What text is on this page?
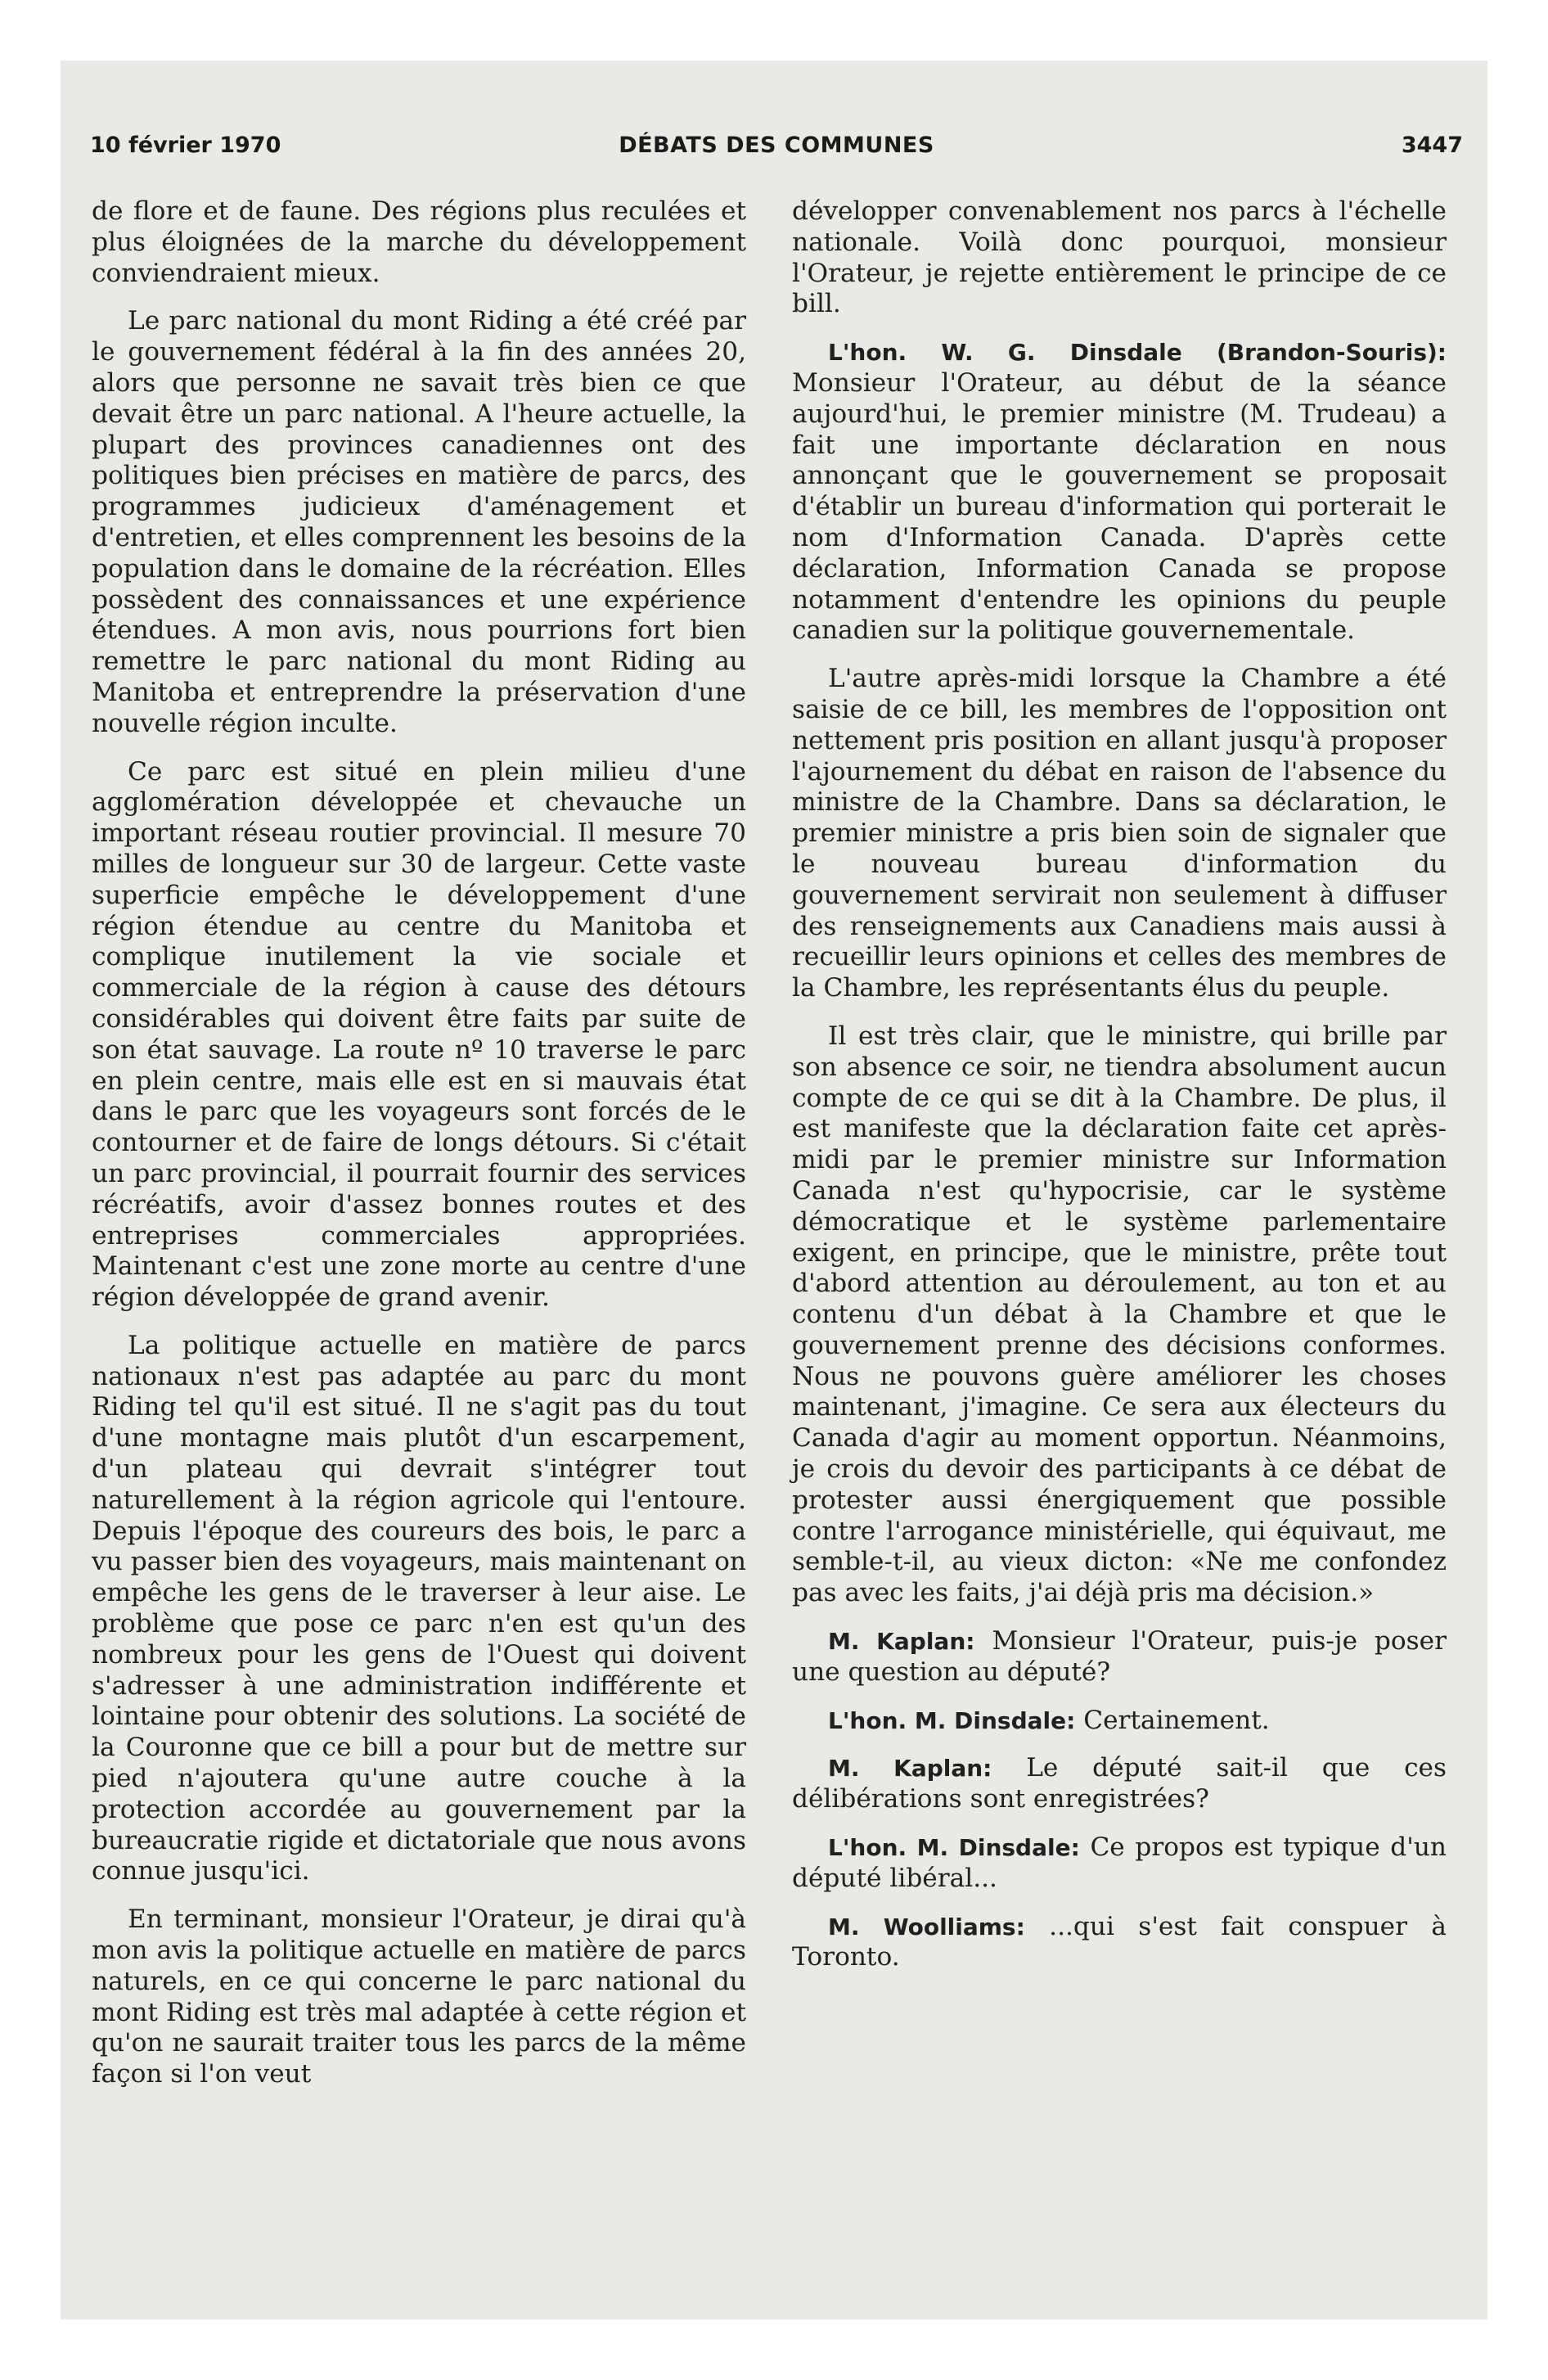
10 février 1970	DÉBATS DES COMMUNES	3447

de flore et de faune. Des régions plus reculées et plus éloignées de la marche du développement conviendraient mieux.

Le parc national du mont Riding a été créé par le gouvernement fédéral à la fin des années 20, alors que personne ne savait très bien ce que devait être un parc national. A l'heure actuelle, la plupart des provinces canadiennes ont des politiques bien précises en matière de parcs, des programmes judicieux d'aménagement et d'entretien, et elles comprennent les besoins de la population dans le domaine de la récréation. Elles possèdent des connaissances et une expérience étendues. A mon avis, nous pourrions fort bien remettre le parc national du mont Riding au Manitoba et entreprendre la préservation d'une nouvelle région inculte.

Ce parc est situé en plein milieu d'une agglomération développée et chevauche un important réseau routier provincial. Il mesure 70 milles de longueur sur 30 de largeur. Cette vaste superficie empêche le développement d'une région étendue au centre du Manitoba et complique inutilement la vie sociale et commerciale de la région à cause des détours considérables qui doivent être faits par suite de son état sauvage. La route nº 10 traverse le parc en plein centre, mais elle est en si mauvais état dans le parc que les voyageurs sont forcés de le contourner et de faire de longs détours. Si c'était un parc provincial, il pourrait fournir des services récréatifs, avoir d'assez bonnes routes et des entreprises commerciales appropriées. Maintenant c'est une zone morte au centre d'une région développée de grand avenir.

La politique actuelle en matière de parcs nationaux n'est pas adaptée au parc du mont Riding tel qu'il est situé. Il ne s'agit pas du tout d'une montagne mais plutôt d'un escarpement, d'un plateau qui devrait s'intégrer tout naturellement à la région agricole qui l'entoure. Depuis l'époque des coureurs des bois, le parc a vu passer bien des voyageurs, mais maintenant on empêche les gens de le traverser à leur aise. Le problème que pose ce parc n'en est qu'un des nombreux pour les gens de l'Ouest qui doivent s'adresser à une administration indifférente et lointaine pour obtenir des solutions. La société de la Couronne que ce bill a pour but de mettre sur pied n'ajoutera qu'une autre couche à la protection accordée au gouvernement par la bureaucratie rigide et dictatoriale que nous avons connue jusqu'ici.

En terminant, monsieur l'Orateur, je dirai qu'à mon avis la politique actuelle en matière de parcs naturels, en ce qui concerne le parc national du mont Riding est très mal adaptée à cette région et qu'on ne saurait traiter tous les parcs de la même façon si l'on veut

développer convenablement nos parcs à l'échelle nationale. Voilà donc pourquoi, monsieur l'Orateur, je rejette entièrement le principe de ce bill.

L'hon. W. G. Dinsdale (Brandon-Souris): Monsieur l'Orateur, au début de la séance aujourd'hui, le premier ministre (M. Trudeau) a fait une importante déclaration en nous annonçant que le gouvernement se proposait d'établir un bureau d'information qui porterait le nom d'Information Canada. D'après cette déclaration, Information Canada se propose notamment d'entendre les opinions du peuple canadien sur la politique gouvernementale.

L'autre après-midi lorsque la Chambre a été saisie de ce bill, les membres de l'opposition ont nettement pris position en allant jusqu'à proposer l'ajournement du débat en raison de l'absence du ministre de la Chambre. Dans sa déclaration, le premier ministre a pris bien soin de signaler que le nouveau bureau d'information du gouvernement servirait non seulement à diffuser des renseignements aux Canadiens mais aussi à recueillir leurs opinions et celles des membres de la Chambre, les représentants élus du peuple.

Il est très clair, que le ministre, qui brille par son absence ce soir, ne tiendra absolument aucun compte de ce qui se dit à la Chambre. De plus, il est manifeste que la déclaration faite cet après-midi par le premier ministre sur Information Canada n'est qu'hypocrisie, car le système démocratique et le système parlementaire exigent, en principe, que le ministre, prête tout d'abord attention au déroulement, au ton et au contenu d'un débat à la Chambre et que le gouvernement prenne des décisions conformes. Nous ne pouvons guère améliorer les choses maintenant, j'imagine. Ce sera aux électeurs du Canada d'agir au moment opportun. Néanmoins, je crois du devoir des participants à ce débat de protester aussi énergiquement que possible contre l'arrogance ministérielle, qui équivaut, me semble-t-il, au vieux dicton: «Ne me confondez pas avec les faits, j'ai déjà pris ma décision.»

M. Kaplan: Monsieur l'Orateur, puis-je poser une question au député?

L'hon. M. Dinsdale: Certainement.

M. Kaplan: Le député sait-il que ces délibérations sont enregistrées?

L'hon. M. Dinsdale: Ce propos est typique d'un député libéral...

M. Woolliams: ...qui s'est fait conspuer à Toronto.
